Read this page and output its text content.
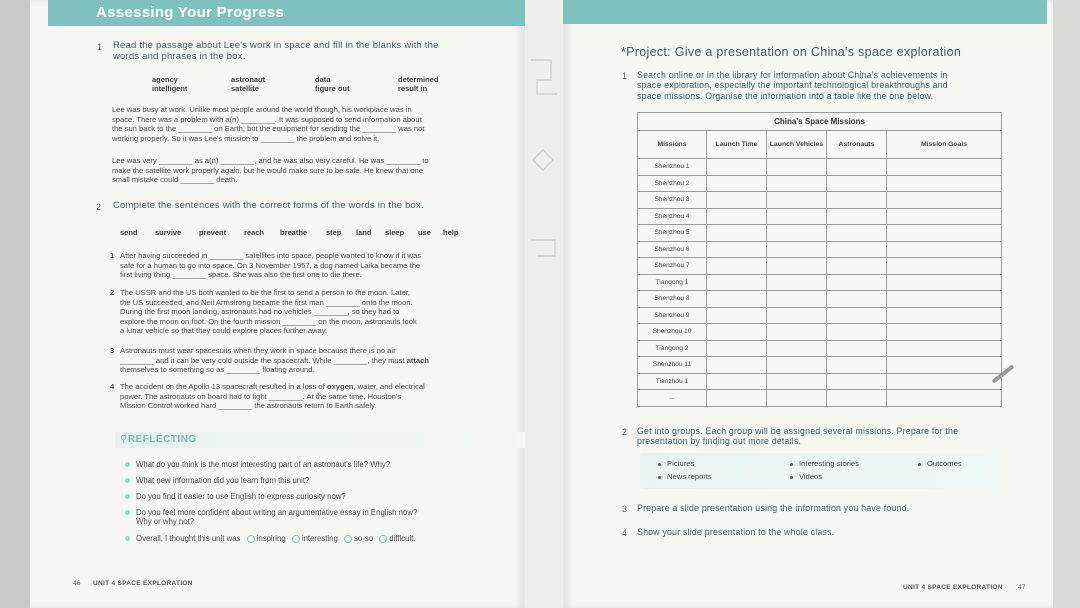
Assessing Your Progress
1 Read the passage about Lee's work in space and fill in the blanks with the
words and phrases in the box.
agency	astronaut	data	determined
intelligent	satellite	figure out	result in
Lee was busy at work. Unlike most people around the world though, his workplace was in
space. There was a problem with a(n) ________. It was supposed to send information about
the sun back to the ________ on Earth, but the equipment for sending the ________ was not
working properly. So it was Lee's mission to ________ the problem and solve it.
Lee was very ________ as a(n) ________, and he was also very careful. He was ________ to
make the satellite work properly again, but he would make sure to be safe. He knew that one
small mistake could ________ death.
2 Complete the sentences with the correct forms of the words in the box.
send	survive	prevent	reach	breathe	step	land	sleep	use	help
1 After having succeeded in ________ satellites into space, people wanted to know if it was
safe for a human to go into space. On 3 November 1957, a dog named Laika became the
first living thing ________ space. She was also the first one to die there.
2 The USSR and the US both wanted to be the first to send a person to the moon. Later,
the US succeeded, and Neil Armstrong became the first man ________ onto the moon.
During the first moon landing, astronauts had no vehicles ________, so they had to
explore the moon on foot. On the fourth mission ________ on the moon, astronauts took
a lunar vehicle so that they could explore places further away.
3 Astronauts must wear spacesuits when they work in space because there is no air
________ and it can be very cold outside the spacecraft. While ________, they must attach
themselves to something so as ________ floating around.
4 The accident on the Apollo 13 spacecraft resulted in a loss of oxygen, water, and electrical
power. The astronauts on board had to fight ________. At the same time, Houston's
Mission Control worked hard ________ the astronauts return to Earth safely.
⚲REFLECTING
What do you think is the most interesting part of an astronaut's life? Why?
What new information did you learn from this unit?
Do you find it easier to use English to express curiosity now?
Do you feel more confident about writing an argumentative essay in English now?
Why or why not?
Overall, I thought this unit was inspiring interesting so-so difficult.
46 UNIT 4 SPACE EXPLORATION
*Project: Give a presentation on China's space exploration
1 Search online or in the library for information about China's achievements in
space exploration, especially the important technological breakthroughs and
space missions. Organise the information into a table like the one below.
China's Space Missions				
Missions	Launch Time	Launch Vehicles	Astronauts	Mission Goals
Shenzhou 1				
Shenzhou 2				
Shenzhou 3				
Shenzhou 4				
Shenzhou 5				
Shenzhou 6				
Shenzhou 7				
Tiangong 1				
Shenzhou 8				
Shenzhou 9				
Shenzhou 10				
Tiangong 2				
Shenzhou 11				
Tianzhou 1				
...				
2 Get into groups. Each group will be assigned several missions. Prepare for the
presentation by finding out more details.
Pictures	Interesting stories	Outcomes
News reports	Videos
3 Prepare a slide presentation using the information you have found.
4 Show your slide presentation to the whole class.
UNIT 4 SPACE EXPLORATION 47
